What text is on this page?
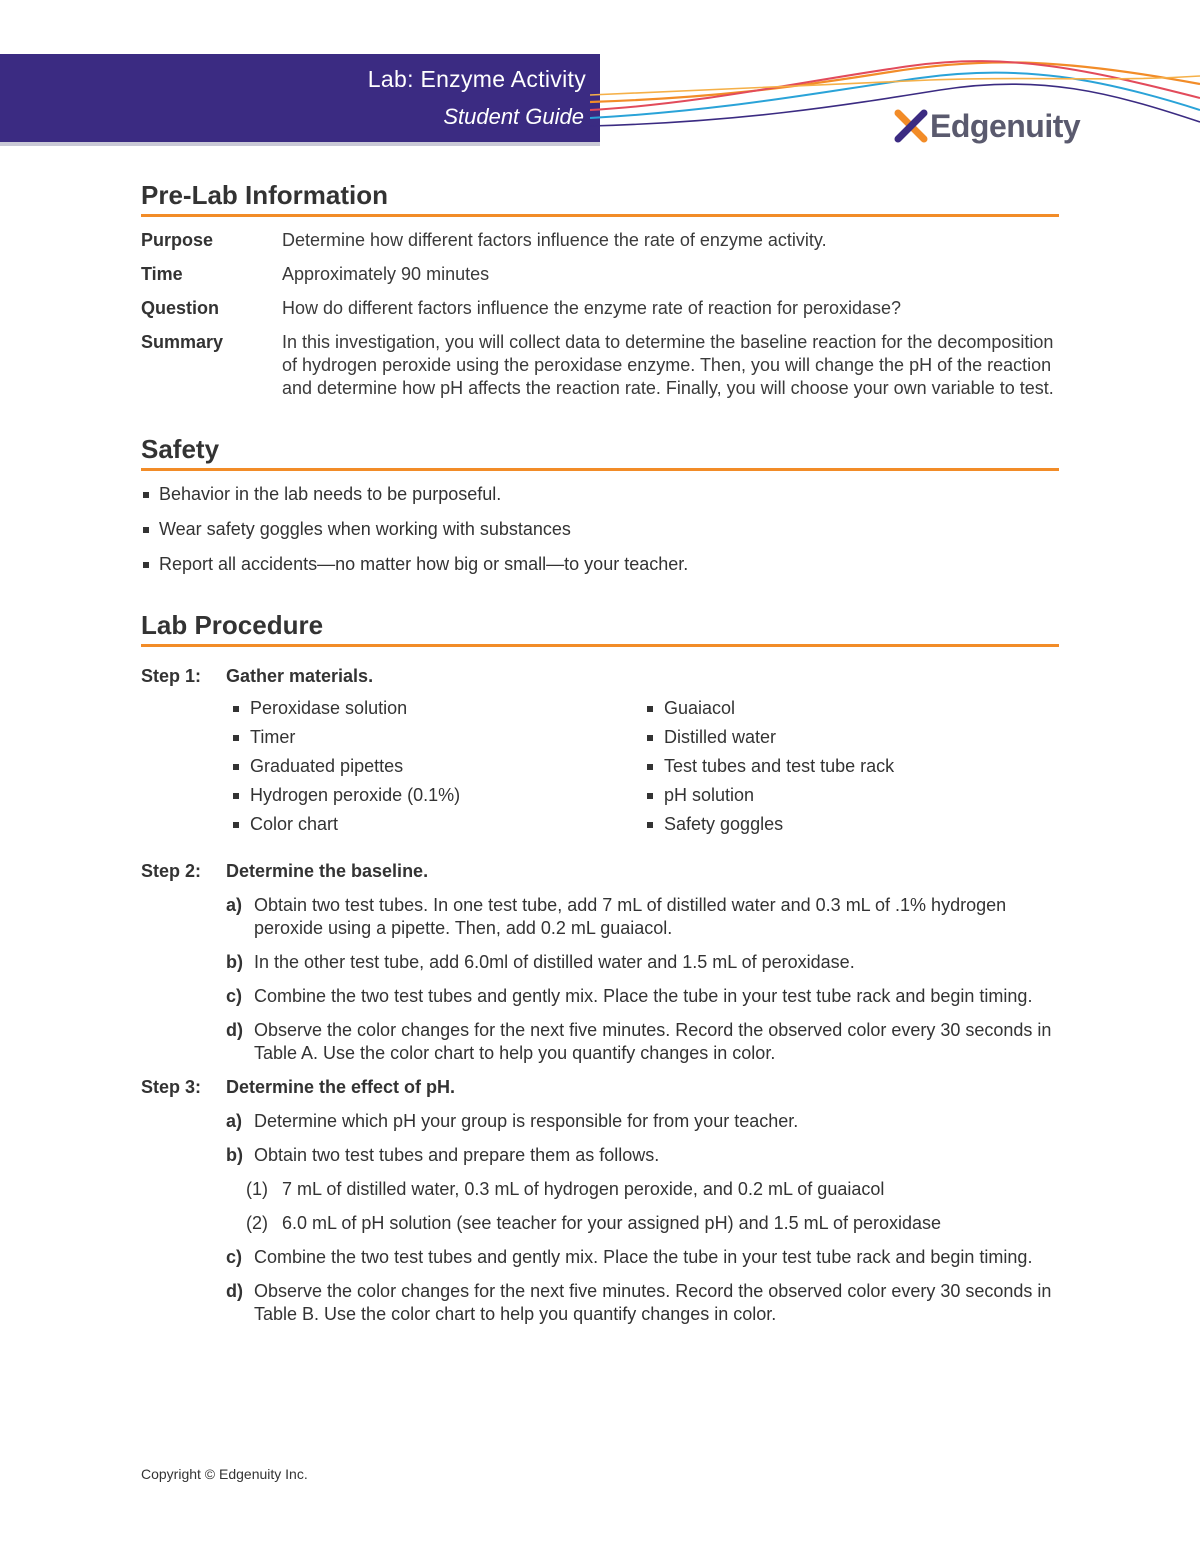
Lab: Enzyme Activity
Student Guide	Edgenuity
Pre-Lab Information
Purpose	Determine how different factors influence the rate of enzyme activity.
Time	Approximately 90 minutes
Question	How do different factors influence the enzyme rate of reaction for peroxidase?
Summary	In this investigation, you will collect data to determine the baseline reaction for the decomposition of hydrogen peroxide using the peroxidase enzyme. Then, you will change the pH of the reaction and determine how pH affects the reaction rate. Finally, you will choose your own variable to test.
Safety
Behavior in the lab needs to be purposeful.
Wear safety goggles when working with substances
Report all accidents—no matter how big or small—to your teacher.
Lab Procedure
Step 1:	Gather materials.
Peroxidase solution
Timer
Graduated pipettes
Hydrogen peroxide (0.1%)
Color chart
Guaiacol
Distilled water
Test tubes and test tube rack
pH solution
Safety goggles
Step 2:	Determine the baseline.
a) Obtain two test tubes. In one test tube, add 7 mL of distilled water and 0.3 mL of .1% hydrogen peroxide using a pipette. Then, add 0.2 mL guaiacol.
b) In the other test tube, add 6.0ml of distilled water and 1.5 mL of peroxidase.
c) Combine the two test tubes and gently mix. Place the tube in your test tube rack and begin timing.
d) Observe the color changes for the next five minutes. Record the observed color every 30 seconds in Table A. Use the color chart to help you quantify changes in color.
Step 3:	Determine the effect of pH.
a) Determine which pH your group is responsible for from your teacher.
b) Obtain two test tubes and prepare them as follows.
(1) 7 mL of distilled water, 0.3 mL of hydrogen peroxide, and 0.2 mL of guaiacol
(2) 6.0 mL of pH solution (see teacher for your assigned pH) and 1.5 mL of peroxidase
c) Combine the two test tubes and gently mix. Place the tube in your test tube rack and begin timing.
d) Observe the color changes for the next five minutes. Record the observed color every 30 seconds in Table B. Use the color chart to help you quantify changes in color.
Copyright © Edgenuity Inc.
